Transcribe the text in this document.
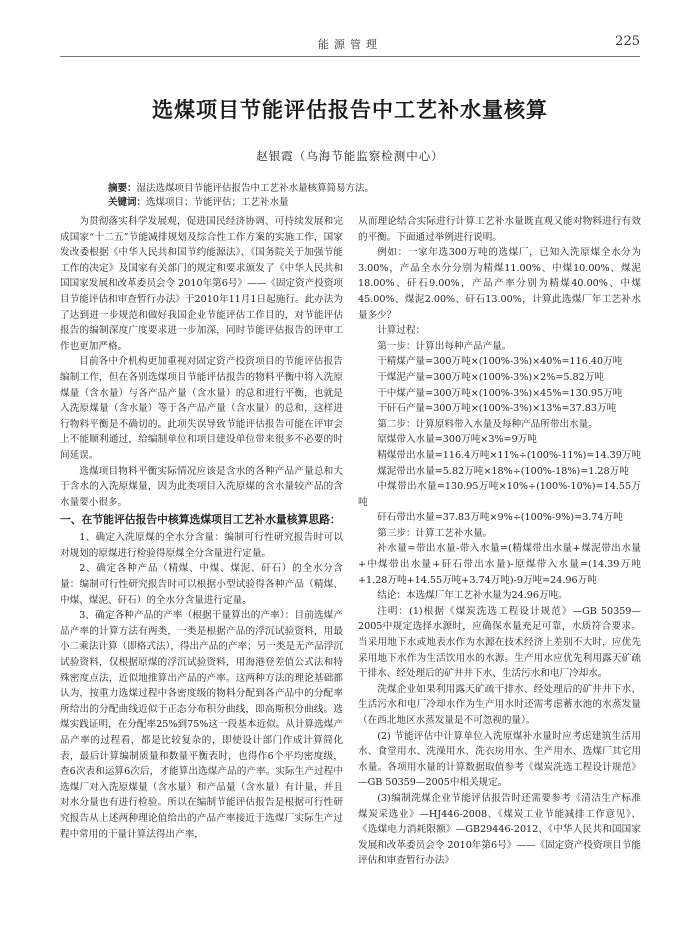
能源管理	225
选煤项目节能评估报告中工艺补水量核算
赵银霞（乌海节能监察检测中心）
摘要：湿法选煤项目节能评估报告中工艺补水量核算简易方法。
关键词：选煤项目；节能评估；工艺补水量

为贯彻落实科学发展观，促进国民经济协调、可持续发展和完成国家“十二五”节能减排规划及综合性工作方案的实施工作，国家发改委根据《中华人民共和国节约能源法》、《国务院关于加强节能工作的决定》及国家有关部门的规定和要求颁发了《中华人民共和国国家发展和改革委员会令 2010年第6号》——《固定资产投资项目节能评估和审查暂行办法》于2010年11月1日起施行。此办法为了达到进一步规范和做好我国企业节能评估工作目的，对节能评估报告的编制深度广度要求进一步加深，同时节能评估报告的评审工作也更加严格。

目前各中介机构更加重视对固定资产投资项目的节能评估报告编制工作，但在各别选煤项目节能评估报告的物料平衡中将入洗原煤量（含水量）与各产品产量（含水量）的总和进行平衡，也就是入洗原煤量（含水量）等于各产品产量（含水量）的总和，这样进行物料平衡是不确切的。此项失误导致节能评估报告可能在评审会上不能顺利通过，给编制单位和项目建设单位带来很多不必要的时间延误。

选煤项目物料平衡实际情况应该是含水的各种产品产量总和大于含水的入洗原煤量，因为此类项目入洗原煤的含水量较产品的含水量要小很多。

一、在节能评估报告中核算选煤项目工艺补水量核算思路：

1、确定入洗原煤的全水分含量：编制可行性研究报告时可以对规划的原煤进行检验得原煤全分含量进行定量。

2、确定各种产品（精煤、中煤、煤泥、矸石）的全水分含量：编制可行性研究报告时可以根据小型试验得各种产品（精煤、中煤、煤泥、矸石）的全水分含量进行定量。

3、确定各种产品的产率（根据干量算出的产率）：目前选煤产品产率的计算方法有两类，一类是根据产品的浮沉试验资料，用最小二乘法计算（即格式法），得出产品的产率；另一类是无产品浮沉试验资料，仅根据原煤的浮沉试验资料，用海港登差值公式法和特殊密度点法，近似地推算出产品的产率。这两种方法的理论基础都认为，按重力选煤过程中各密度级的物料分配到各产品中的分配率所给出的分配曲线近似于正态分布积分曲线，即高斯积分曲线。选煤实践证明，在分配率25%到75%这一段基本近似。从计算选煤产品产率的过程看，都是比较复杂的，即使设计部门作成计算简化表，最后计算编制质量和数量平衡表时，也得作6个平均密度级，查6次表和运算6次后，才能算出选煤产品的产率。实际生产过程中选煤厂对入洗原煤量（含水量）和产品量（含水量）有计量，并且对水分量也有进行检验。所以在编制节能评估报告是根据可行性研究报告从上述两种理论值给出的产品产率接近于选煤厂实际生产过程中常用的干量计算法得出产率，

从而理论结合实际进行计算工艺补水量既直观又能对物料进行有效的平衡。下面通过举例进行说明。

例如：一家年选300万吨的选煤厂，已知入洗原煤全水分为3.00%，产品全水分分别为精煤11.00%、中煤10.00%、煤泥18.00%、矸石9.00%，产品产率分别为精煤40.00%、中煤45.00%、煤泥2.00%、矸石13.00%，计算此选煤厂年工艺补水量多少？

计算过程：

第一步：计算出每种产品产量。

干精煤产量=300万吨×(100%-3%)×40%=116.40万吨

干煤泥产量=300万吨×(100%-3%)×2%=5.82万吨

干中煤产量=300万吨×(100%-3%)×45%=130.95万吨

干矸石产量=300万吨×(100%-3%)×13%=37.83万吨

第二步：计算原料带入水量及每种产品所带出水量。

原煤带入水量=300万吨×3%=9万吨

精煤带出水量=116.4万吨×11%÷(100%-11%)=14.39万吨

煤泥带出水量=5.82万吨×18%÷(100%-18%)=1.28万吨

中煤带出水量=130.95万吨×10%÷(100%-10%)=14.55万吨

矸石带出水量=37.83万吨×9%÷(100%-9%)=3.74万吨

第三步：计算工艺补水量。

补水量=带出水量-带入水量=(精煤带出水量+煤泥带出水量+中煤带出水量+矸石带出水量)-原煤带入水量=(14.39万吨+1.28万吨+14.55万吨+3.74万吨)-9万吨=24.96万吨

结论：本选煤厂年工艺补水量为24.96万吨。

注明：(1)根据《煤炭洗选工程设计规范》—GB 50359—2005中规定选择水源时，应确保水量充足可靠，水质符合要求。当采用地下水或地表水作为水源在技术经济上差别不大时，应优先采用地下水作为生活饮用水的水源。生产用水应优先利用露天矿疏干排水、经处理后的矿井井下水、生活污水和电厂冷却水。

洗煤企业如果利用露天矿疏干排水、经处理后的矿井井下水、生活污水和电厂冷却水作为生产用水时还需考虑蓄水池的水蒸发量（在西北地区水蒸发量是不可忽视的量）。

(2) 节能评估中计算单位入洗原煤补水量时应考虑建筑生活用水、食堂用水、洗澡用水、洗衣房用水、生产用水、选煤厂其它用水量。各项用水量的计算数据取值参考《煤炭洗选工程设计规范》—GB 50359—2005中相关规定。

(3)编制洗煤企业节能评估报告时还需要参考《清洁生产标准 煤炭采选业》—HJ446-2008、《煤炭工业节能减排工作意见》、《选煤电力消耗限额》—GB29446-2012、《中华人民共和国国家发展和改革委员会令 2010年第6号》——《固定资产投资项目节能评估和审查暂行办法》
